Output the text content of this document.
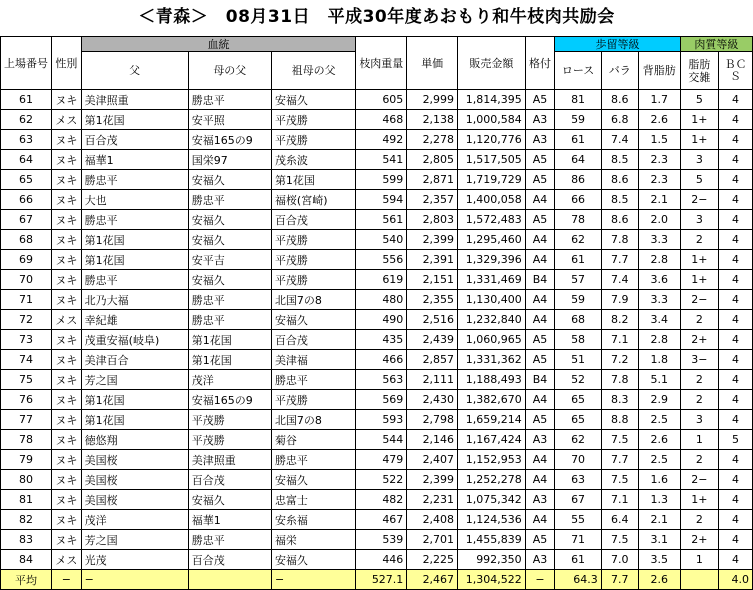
＜青森＞　08月31日　平成30年度あおもり和牛枝肉共励会
上場番号	性別	血統			枝肉重量	単価	販売金額	格付	歩留等級			肉質等級	
		父	母の父	祖母の父					ロース	バラ	背脂肪	脂肪交雑	ＢＣＳ
61	ヌキ	美津照重	勝忠平	安福久	605	2,999	1,814,395	A5	81	8.6	1.7	5	4
62	メス	第1花国	安平照	平茂勝	468	2,138	1,000,584	A3	59	6.8	2.6	1+	4
63	ヌキ	百合茂	安福165の9	平茂勝	492	2,278	1,120,776	A3	61	7.4	1.5	1+	4
64	ヌキ	福華1	国栄97	茂糸波	541	2,805	1,517,505	A5	64	8.5	2.3	3	4
65	ヌキ	勝忠平	安福久	第1花国	599	2,871	1,719,729	A5	86	8.6	2.3	5	4
66	ヌキ	大也	勝忠平	福桜(宮崎)	594	2,357	1,400,058	A4	66	8.5	2.1	2−	4
67	ヌキ	勝忠平	安福久	百合茂	561	2,803	1,572,483	A5	78	8.6	2.0	3	4
68	ヌキ	第1花国	安福久	平茂勝	540	2,399	1,295,460	A4	62	7.8	3.3	2	4
69	ヌキ	第1花国	安平吉	平茂勝	556	2,391	1,329,396	A4	61	7.7	2.8	1+	4
70	ヌキ	勝忠平	安福久	平茂勝	619	2,151	1,331,469	B4	57	7.4	3.6	1+	4
71	ヌキ	北乃大福	勝忠平	北国7の8	480	2,355	1,130,400	A4	59	7.9	3.3	2−	4
72	メス	幸紀雄	勝忠平	安福久	490	2,516	1,232,840	A4	68	8.2	3.4	2	4
73	ヌキ	茂重安福(岐阜)	第1花国	百合茂	435	2,439	1,060,965	A5	58	7.1	2.8	2+	4
74	ヌキ	美津百合	第1花国	美津福	466	2,857	1,331,362	A5	51	7.2	1.8	3−	4
75	ヌキ	芳之国	茂洋	勝忠平	563	2,111	1,188,493	B4	52	7.8	5.1	2	4
76	ヌキ	第1花国	安福165の9	平茂勝	569	2,430	1,382,670	A4	65	8.3	2.9	2	4
77	ヌキ	第1花国	平茂勝	北国7の8	593	2,798	1,659,214	A5	65	8.8	2.5	3	4
78	ヌキ	徳悠翔	平茂勝	菊谷	544	2,146	1,167,424	A3	62	7.5	2.6	1	5
79	ヌキ	美国桜	美津照重	勝忠平	479	2,407	1,152,953	A4	70	7.7	2.5	2	4
80	ヌキ	美国桜	百合茂	安福久	522	2,399	1,252,278	A4	63	7.5	1.6	2−	4
81	ヌキ	美国桜	安福久	忠富士	482	2,231	1,075,342	A3	67	7.1	1.3	1+	4
82	ヌキ	茂洋	福華1	安糸福	467	2,408	1,124,536	A4	55	6.4	2.1	2	4
83	ヌキ	芳之国	勝忠平	福栄	539	2,701	1,455,839	A5	71	7.5	3.1	2+	4
84	メス	光茂	百合茂	安福久	446	2,225	992,350	A3	61	7.0	3.5	1	4
平均	−	−		−	527.1	2,467	1,304,522	−	64.3	7.7	2.6		4.0
